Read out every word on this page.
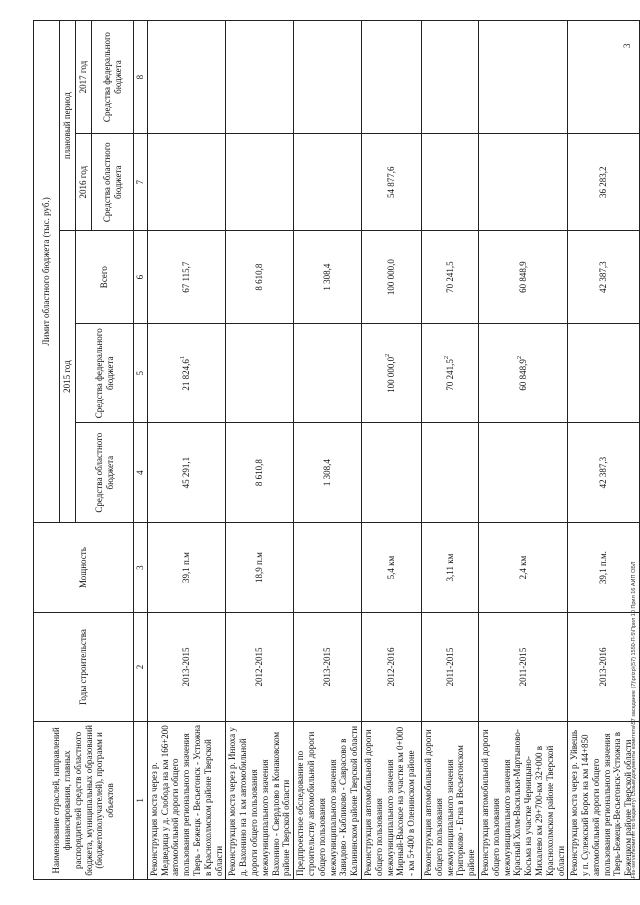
3
\File-server\комитет по бюджету\ Созыв\документы комитета\57 заседание (7)\prizp\(57) 1550-П-5\Прил 10 Прил 16 АИП ОБЛ
Наименование отраслей, направлений финансирования, главных распорядителей средств областного бюджета, муниципальных образований (бюджетополучателей), программ и объектов	Годы строительства	Мощность	Лимит областного бюджета (тыс. руб.)				
			2015 год			плановый период	
			Средства областного бюджета	Средства федерального бюджета	Всего	2016 год	2017 год
						Средства областного бюджета	Средства федерального бюджета
1	2	3	4	5	6	7	8
Реконструкция моста через р. Медведица у д. Слобода на км 166+200 автомобильной дороги общего пользования регионального значения Тверь - Бежецк - Весьегонск - Устюжна в Краснохолмском районе Тверской области	2013-2015	39,1 п.м	45 291,1	21 824,6$^1$	67 115,7		
Реконструкция моста через р. Инюха у д. Вахонино на 1 км автомобильной дороги общего пользования межмуниципального значения Вахонино - Свердлово в Конаковском районе Тверской области	2012-2015	18,9 п.м	8 610,8		8 610,8		
Предпроектное обследование по строительству автомобильной дороги общего пользования межмуниципального значения Завидово - Кабликово - Саврасово в Калининском районе Тверской области	2013-2015		1 308,4		1 308,4		
Реконструкция автомобильной дороги общего пользования межмуниципального значения Мирный-Высокое на участке км 0+000 - км 5+400 в Оленинском районе	2012-2016	5,4 км		100 000,0$^2$	100 000,0	54 877,6	
Реконструкция автомобильной дороги общего пользования межмуниципального значения Григорково - Егна в Весьегонском районе	2011-2015	3,11 км		70 241,5$^2$	70 241,5		
Реконструкция автомобильной дороги общего пользования межмуниципального значения Красный Холм-Васильки-Мартыново-Косьма на участке Черницыно-Михалево км 29+700-км 32+000 в Краснохолмском районе Тверской области	2011-2015	2,4 км		60 848,9$^2$	60 848,9		
Реконструкция моста через р. Уйвешь у п. Сулежский Борок на км 144+850 автомобильной дороги общего пользования регионального значения Тверь-Бежецк-Весьегонск-Устюжна в Бежецком районе Тверской области	2013-2016	39,1 п.м.	42 387,3		42 387,3	36 283,2	
